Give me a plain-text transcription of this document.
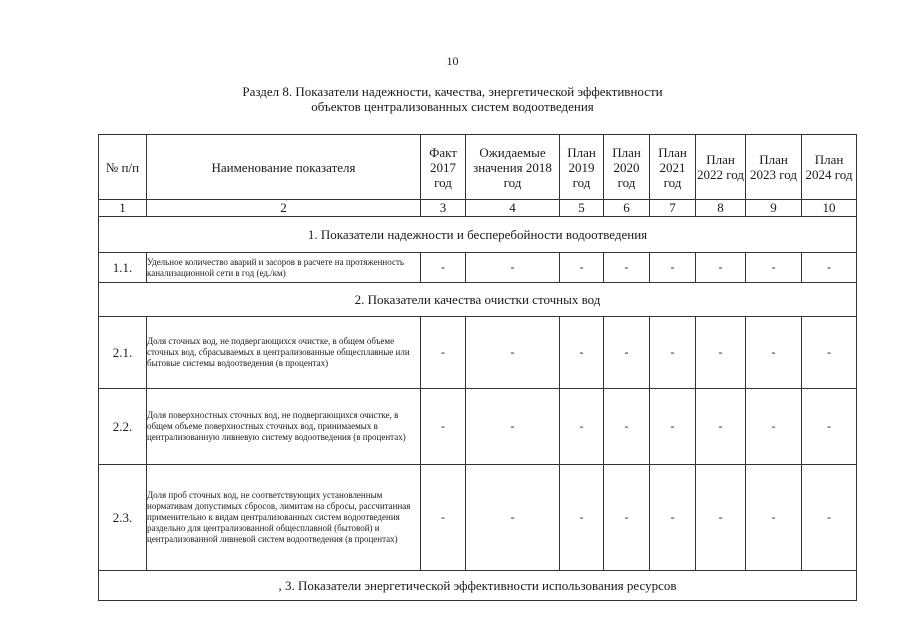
10
Раздел 8. Показатели надежности, качества, энергетической эффективности
объектов централизованных систем водоотведения
№ п/п	Наименование показателя	Факт 2017 год	Ожидаемые значения 2018 год	План 2019 год	План 2020 год	План 2021 год	План 2022 год	План 2023 год	План 2024 год
1	2	3	4	5	6	7	8	9	10
1. Показатели надежности и бесперебойности водоотведения									
1.1.	Удельное количество аварий и засоров в расчете на протяженность канализационной сети в год (ед./км)	-	-	-	-	-	-	-	-
2. Показатели качества очистки сточных вод									
2.1.	Доля сточных вод, не подвергающихся очистке, в общем объеме сточных вод, сбрасываемых в централизованные общесплавные или бытовые системы водоотведения (в процентах)	-	-	-	-	-	-	-	-
2.2.	Доля поверхностных сточных вод, не подвергающихся очистке, в общем объеме поверхностных сточных вод, принимаемых в централизованную ливневую систему водоотведения (в процентах)	-	-	-	-	-	-	-	-
2.3.	Доля проб сточных вод, не соответствующих установленным нормативам допустимых сбросов, лимитам на сбросы, рассчитанная применительно к видам централизованных систем водоотведения раздельно для централизованной общесплавной (бытовой) и централизованной ливневой систем водоотведения (в процентах)	-	-	-	-	-	-	-	-
, 3. Показатели энергетической эффективности использования ресурсов									
